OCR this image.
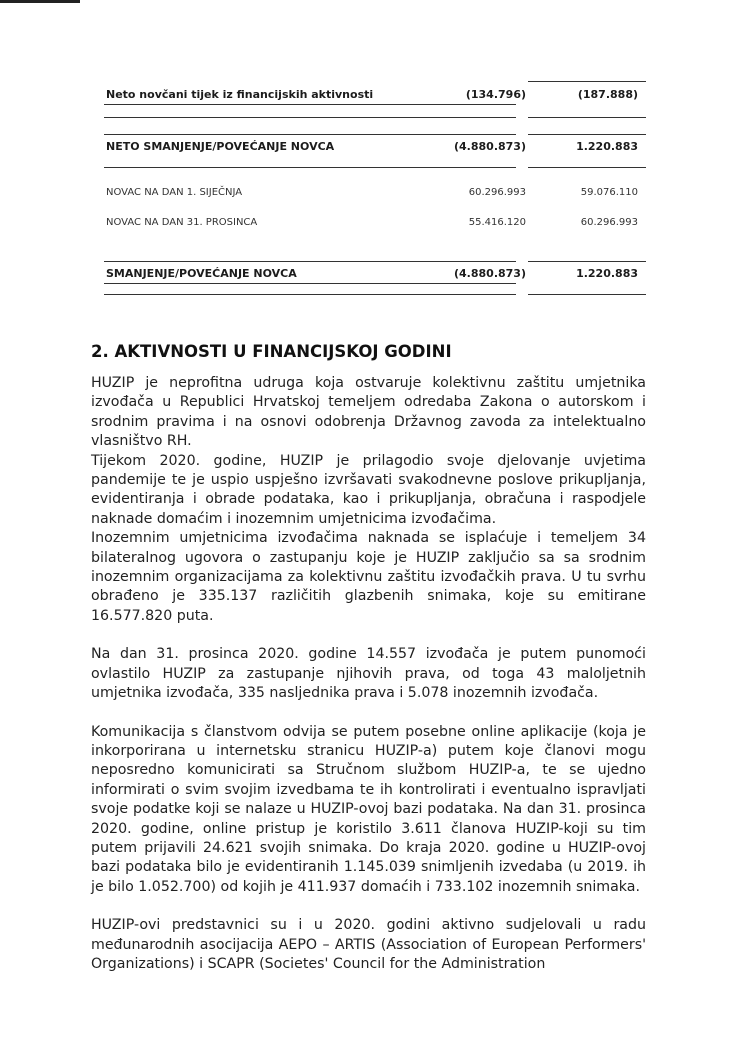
Neto novčani tijek iz financijskih aktivnosti	(134.796)	(187.888)
NETO SMANJENJE/POVEĆANJE NOVCA	(4.880.873)	1.220.883
NOVAC NA DAN 1. SIJEČNJA	60.296.993	59.076.110
NOVAC NA DAN 31. PROSINCA	55.416.120	60.296.993
SMANJENJE/POVEĆANJE NOVCA	(4.880.873)	1.220.883
2. AKTIVNOSTI U FINANCIJSKOJ GODINI

HUZIP je neprofitna udruga koja ostvaruje kolektivnu zaštitu umjetnika izvođača u Republici Hrvatskoj temeljem odredaba Zakona o autorskom i srodnim pravima i na osnovi odobrenja Državnog zavoda za intelektualno vlasništvo RH.

Tijekom 2020. godine, HUZIP je prilagodio svoje djelovanje uvjetima pandemije te je uspio uspješno izvršavati svakodnevne poslove prikupljanja, evidentiranja i obrade podataka, kao i prikupljanja, obračuna i raspodjele naknade domaćim i inozemnim umjetnicima izvođačima.

Inozemnim umjetnicima izvođačima naknada se isplaćuje i temeljem 34 bilateralnog ugovora o zastupanju koje je HUZIP zaključio sa sa srodnim inozemnim organizacijama za kolektivnu zaštitu izvođačkih prava. U tu svrhu obrađeno je 335.137 različitih glazbenih snimaka, koje su emitirane 16.577.820 puta.

Na dan 31. prosinca 2020. godine 14.557 izvođača je putem punomoći ovlastilo HUZIP za zastupanje njihovih prava, od toga 43 maloljetnih umjetnika izvođača, 335 nasljednika prava i 5.078 inozemnih izvođača.

Komunikacija s članstvom odvija se putem posebne online aplikacije (koja je inkorporirana u internetsku stranicu HUZIP-a) putem koje članovi mogu neposredno komunicirati sa Stručnom službom HUZIP-a, te se ujedno informirati o svim svojim izvedbama te ih kontrolirati i eventualno ispravljati svoje podatke koji se nalaze u HUZIP-ovoj bazi podataka. Na dan 31. prosinca 2020. godine, online pristup je koristilo 3.611 članova HUZIP-koji su tim putem prijavili 24.621 svojih snimaka. Do kraja 2020. godine u HUZIP-ovoj bazi podataka bilo je evidentiranih 1.145.039 snimljenih izvedaba (u 2019. ih je bilo 1.052.700) od kojih je 411.937 domaćih i 733.102 inozemnih snimaka.

HUZIP-ovi predstavnici su i u 2020. godini aktivno sudjelovali u radu međunarodnih asocijacija AEPO – ARTIS (Association of European Performers' Organizations) i SCAPR (Societes' Council for the Administration
